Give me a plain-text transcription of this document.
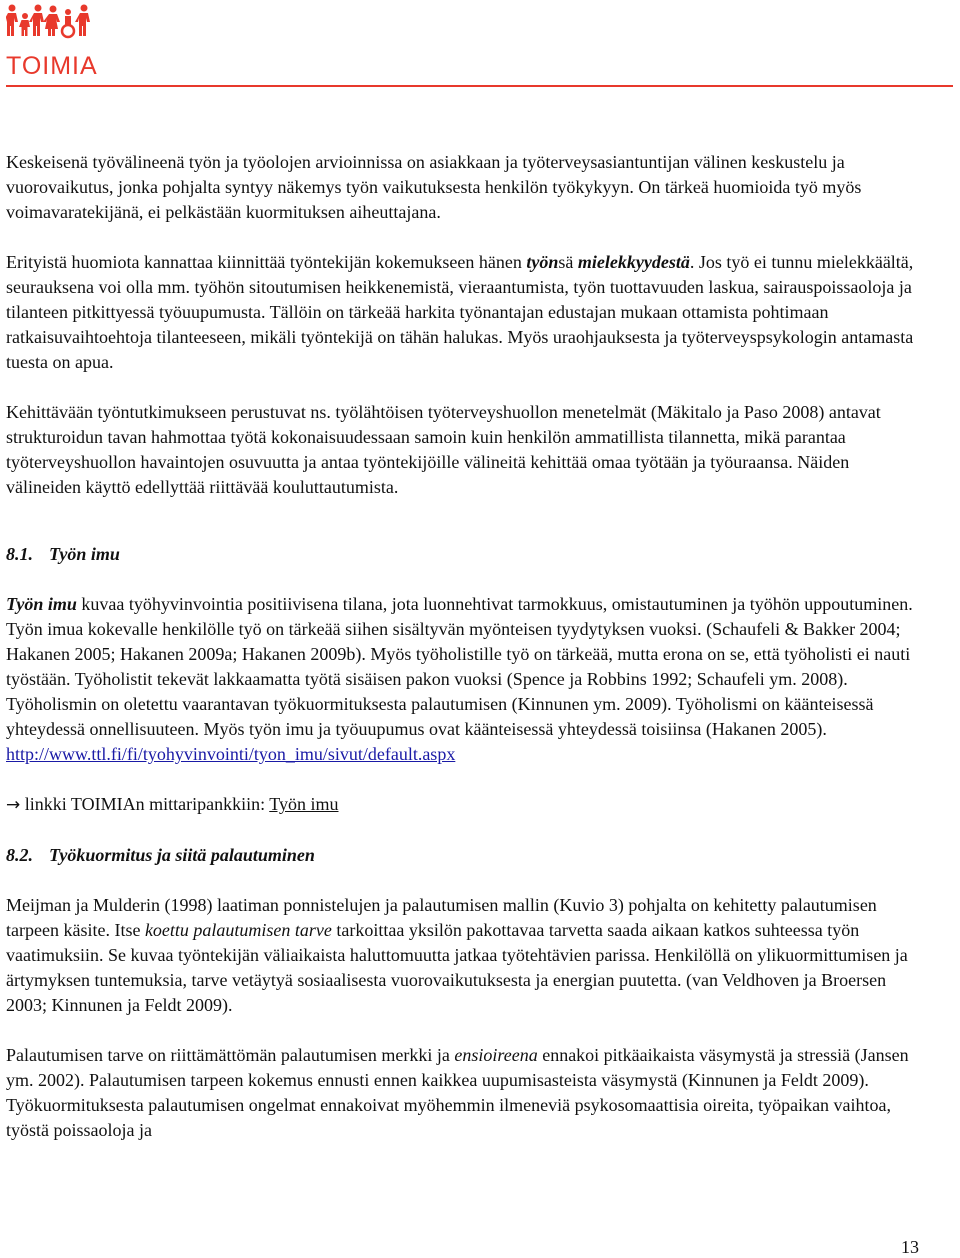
TOIMIA

Keskeisenä työvälineenä työn ja työolojen arvioinnissa on asiakkaan ja työterveysasiantuntijan välinen keskustelu ja vuorovaikutus, jonka pohjalta syntyy näkemys työn vaikutuksesta henkilön työkykyyn. On tärkeä huomioida työ myös voimavaratekijänä, ei pelkästään kuormituksen aiheuttajana.

Erityistä huomiota kannattaa kiinnittää työntekijän kokemukseen hänen työnsä mielekkyydestä. Jos työ ei tunnu mielekkäältä, seurauksena voi olla mm. työhön sitoutumisen heikkenemistä, vieraantumista, työn tuottavuuden laskua, sairauspoissaoloja ja tilanteen pitkittyessä työuupumusta. Tällöin on tärkeää harkita työnantajan edustajan mukaan ottamista pohtimaan ratkaisuvaihtoehtoja tilanteeseen, mikäli työntekijä on tähän halukas. Myös uraohjauksesta ja työterveyspsykologin antamasta tuesta on apua.

Kehittävään työntutkimukseen perustuvat ns. työlähtöisen työterveyshuollon menetelmät (Mäkitalo ja Paso 2008) antavat strukturoidun tavan hahmottaa työtä kokonaisuudessaan samoin kuin henkilön ammatillista tilannetta, mikä parantaa työterveyshuollon havaintojen osuvuutta ja antaa työntekijöille välineitä kehittää omaa työtään ja työuraansa. Näiden välineiden käyttö edellyttää riittävää kouluttautumista.

8.1. Työn imu

Työn imu kuvaa työhyvinvointia positiivisena tilana, jota luonnehtivat tarmokkuus, omistautuminen ja työhön uppoutuminen. Työn imua kokevalle henkilölle työ on tärkeää siihen sisältyvän myönteisen tyydytyksen vuoksi. (Schaufeli & Bakker 2004; Hakanen 2005; Hakanen 2009a; Hakanen 2009b). Myös työholistille työ on tärkeää, mutta erona on se, että työholisti ei nauti työstään. Työholistit tekevät lakkaamatta työtä sisäisen pakon vuoksi (Spence ja Robbins 1992; Schaufeli ym. 2008). Työholismin on oletettu vaarantavan työkuormituksesta palautumisen (Kinnunen ym. 2009). Työholismi on käänteisessä yhteydessä onnellisuuteen. Myös työn imu ja työuupumus ovat käänteisessä yhteydessä toisiinsa (Hakanen 2005). http://www.ttl.fi/fi/tyohyvinvointi/tyon_imu/sivut/default.aspx

→ linkki TOIMIAn mittaripankkiin: Työn imu

8.2. Työkuormitus ja siitä palautuminen

Meijman ja Mulderin (1998) laatiman ponnistelujen ja palautumisen mallin (Kuvio 3) pohjalta on kehitetty palautumisen tarpeen käsite. Itse koettu palautumisen tarve tarkoittaa yksilön pakottavaa tarvetta saada aikaan katkos suhteessa työn vaatimuksiin. Se kuvaa työntekijän väliaikaista haluttomuutta jatkaa työtehtävien parissa. Henkilöllä on ylikuormittumisen ja ärtymyksen tuntemuksia, tarve vetäytyä sosiaalisesta vuorovaikutuksesta ja energian puutetta. (van Veldhoven ja Broersen 2003; Kinnunen ja Feldt 2009).

Palautumisen tarve on riittämättömän palautumisen merkki ja ensioireena ennakoi pitkäaikaista väsymystä ja stressiä (Jansen ym. 2002). Palautumisen tarpeen kokemus ennusti ennen kaikkea uupumisasteista väsymystä (Kinnunen ja Feldt 2009). Työkuormituksesta palautumisen ongelmat ennakoivat myöhemmin ilmeneviä psykosomaattisia oireita, työpaikan vaihtoa, työstä poissaoloja ja

13
